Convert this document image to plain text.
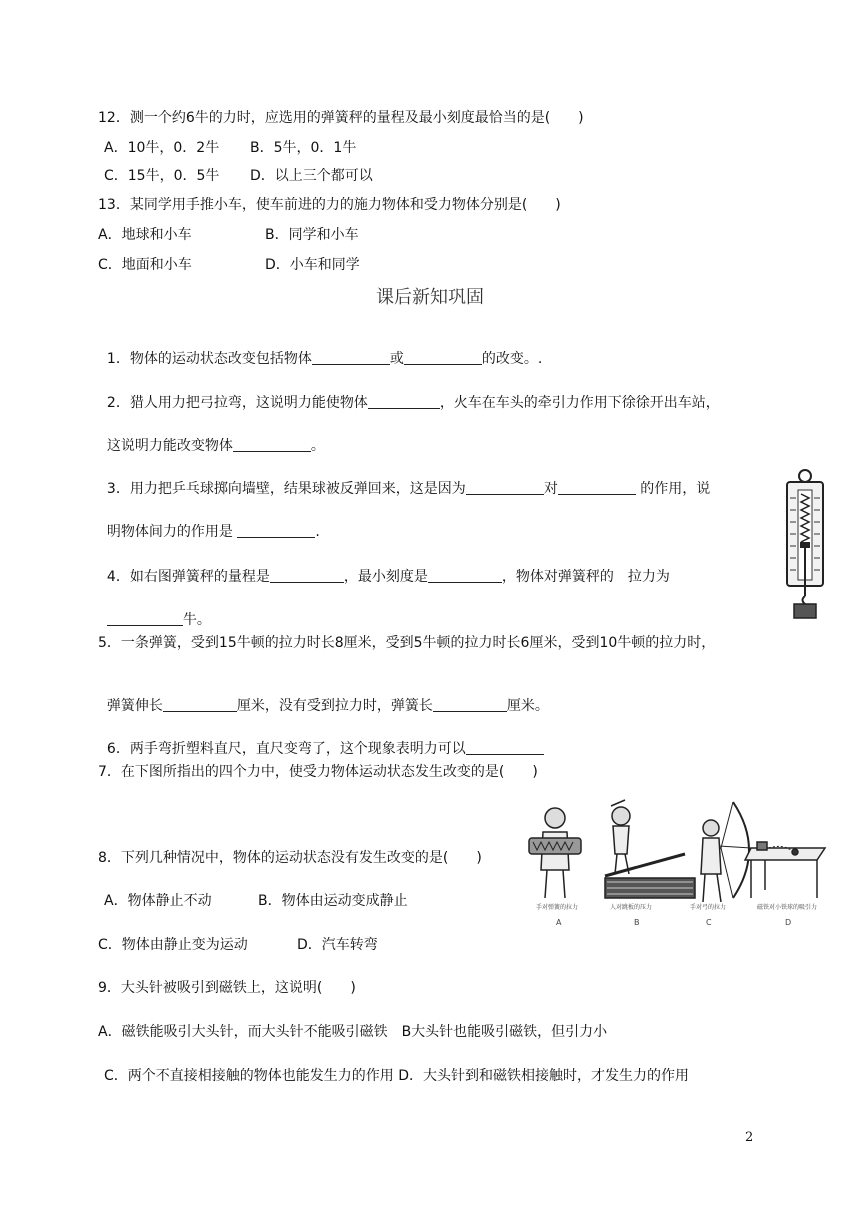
12．测一个约6牛的力时，应选用的弹簧秤的量程及最小刻度最恰当的是(　　)
A．10牛，0．2牛 B．5牛，0．1牛
C．15牛，0．5牛 D．以上三个都可以
13．某同学用手推小车，使车前进的力的施力物体和受力物体分别是(　　)
A．地球和小车	B．同学和小车
C．地面和小车	D．小车和同学
课后新知巩固

1．物体的运动状态改变包括物体	或	的改变。.

2．猎人用力把弓拉弯，这说明力能使物体	，火车在车头的牵引力作用下徐徐开出车站，

这说明力能改变物体	。

3．用力把乒乓球掷向墙壁，结果球被反弹回来，这是因为	对	的作用，说

明物体间力的作用是	.

4．如右图弹簧秤的量程是	，最小刻度是	，物体对弹簧秤的　拉力为

牛。

5．一条弹簧，受到15牛顿的拉力时长8厘米，受到5牛顿的拉力时长6厘米，受到10牛顿的拉力时，

弹簧伸长	厘米，没有受到拉力时，弹簧长	厘米。

6．两手弯折塑料直尺，直尺变弯了，这个现象表明力可以

7．在下图所指出的四个力中，使受力物体运动状态发生改变的是(　　)
手对弹簧的拉力	人对跳板的压力	手对弓的拉力	磁铁对小铁球的吸引力
A	B	C	D
8．下列几种情况中，物体的运动状态没有发生改变的是(　　)
A．物体静止不动	B．物体由运动变成静止
C．物体由静止变为运动	D．汽车转弯
9．大头针被吸引到磁铁上，这说明(　　)
A．磁铁能吸引大头针，而大头针不能吸引磁铁　B大头针也能吸引磁铁，但引力小
C．两个不直接相接触的物体也能发生力的作用 D．大头针到和磁铁相接触时，才发生力的作用
2
